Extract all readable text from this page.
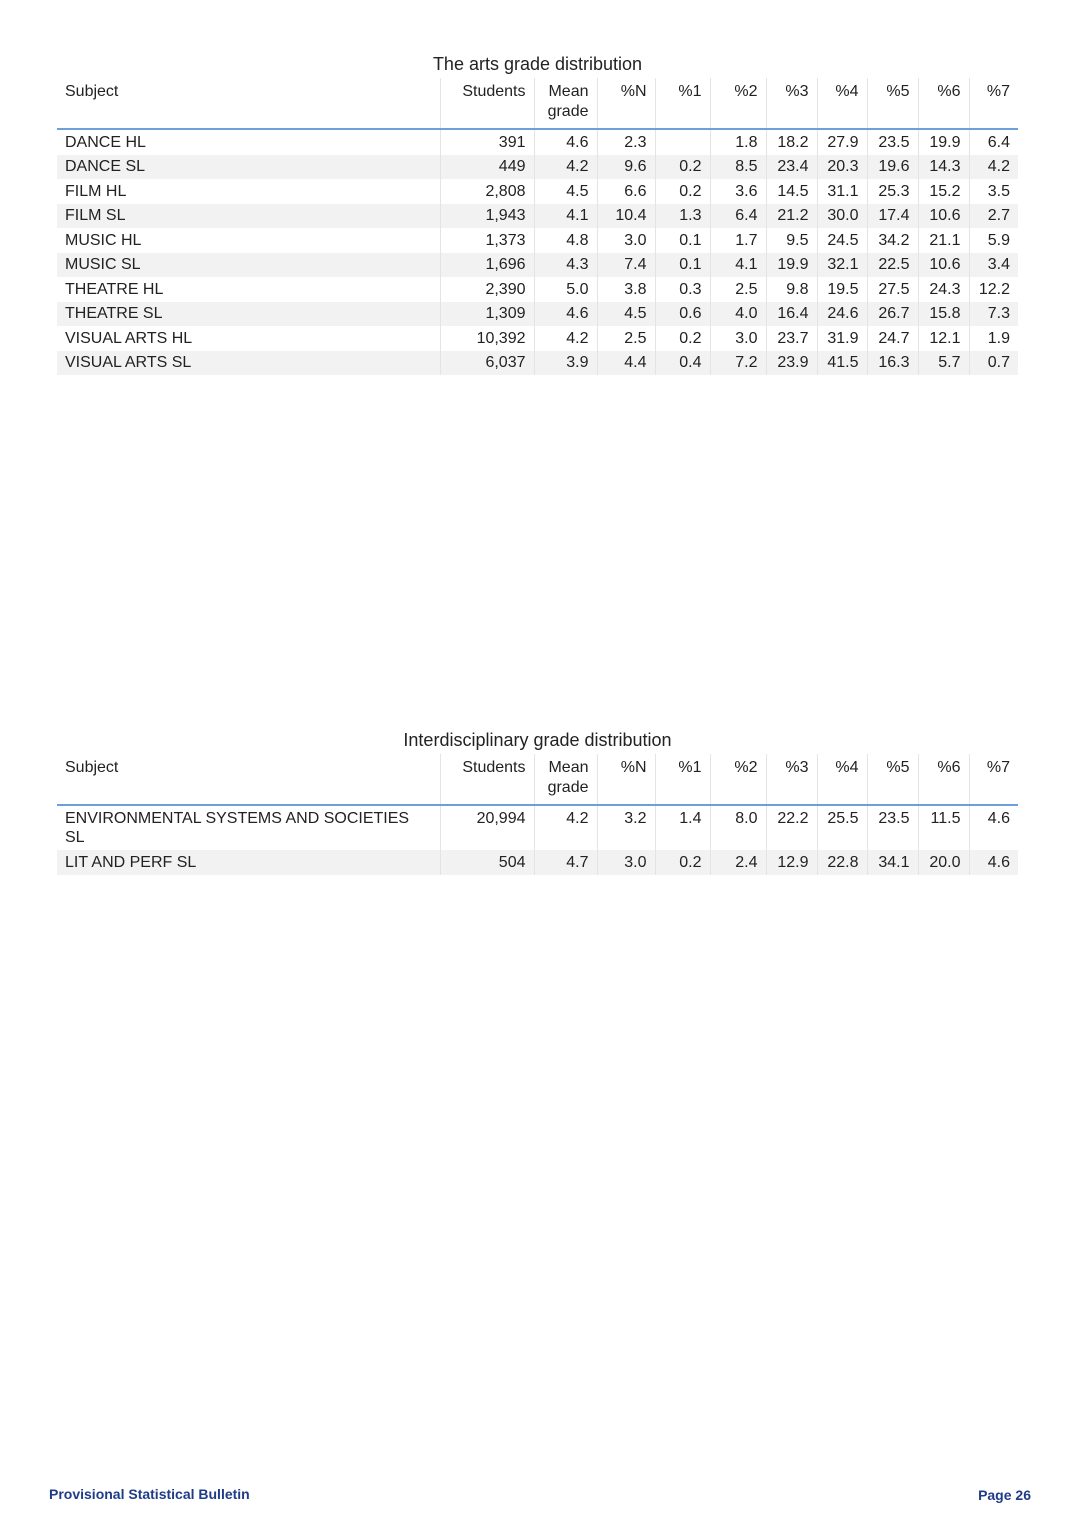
The arts grade distribution
Subject	Students	Mean grade	%N	%1	%2	%3	%4	%5	%6	%7
DANCE HL	391	4.6	2.3		1.8	18.2	27.9	23.5	19.9	6.4
DANCE SL	449	4.2	9.6	0.2	8.5	23.4	20.3	19.6	14.3	4.2
FILM HL	2,808	4.5	6.6	0.2	3.6	14.5	31.1	25.3	15.2	3.5
FILM SL	1,943	4.1	10.4	1.3	6.4	21.2	30.0	17.4	10.6	2.7
MUSIC HL	1,373	4.8	3.0	0.1	1.7	9.5	24.5	34.2	21.1	5.9
MUSIC SL	1,696	4.3	7.4	0.1	4.1	19.9	32.1	22.5	10.6	3.4
THEATRE HL	2,390	5.0	3.8	0.3	2.5	9.8	19.5	27.5	24.3	12.2
THEATRE SL	1,309	4.6	4.5	0.6	4.0	16.4	24.6	26.7	15.8	7.3
VISUAL ARTS HL	10,392	4.2	2.5	0.2	3.0	23.7	31.9	24.7	12.1	1.9
VISUAL ARTS SL	6,037	3.9	4.4	0.4	7.2	23.9	41.5	16.3	5.7	0.7
Interdisciplinary grade distribution
Subject	Students	Mean grade	%N	%1	%2	%3	%4	%5	%6	%7
ENVIRONMENTAL SYSTEMS AND SOCIETIES SL	20,994	4.2	3.2	1.4	8.0	22.2	25.5	23.5	11.5	4.6
LIT AND PERF SL	504	4.7	3.0	0.2	2.4	12.9	22.8	34.1	20.0	4.6
Provisional Statistical Bulletin	Page 26
